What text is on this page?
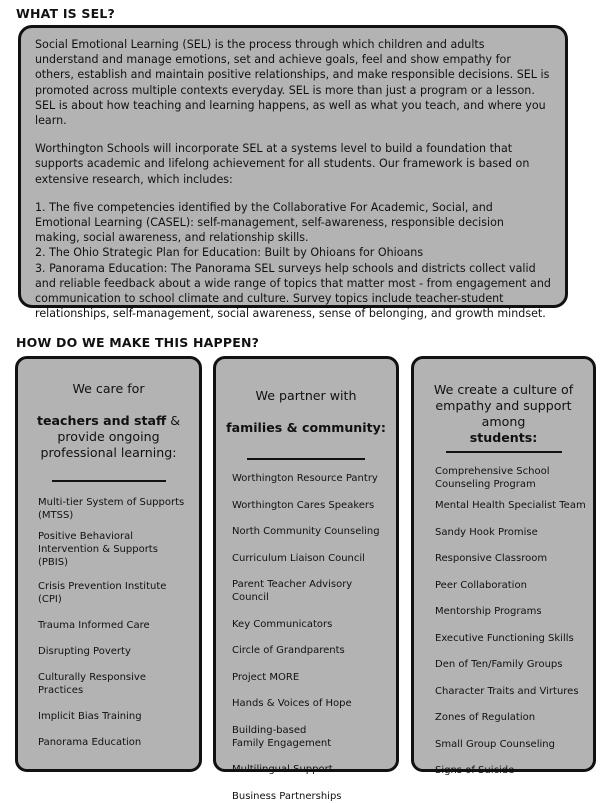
WHAT IS SEL?

Social Emotional Learning (SEL) is the process through which children and adults understand and manage emotions, set and achieve goals, feel and show empathy for others, establish and maintain positive relationships, and make responsible decisions. SEL is promoted across multiple contexts everyday. SEL is more than just a program or a lesson. SEL is about how teaching and learning happens, as well as what you teach, and where you learn.

Worthington Schools will incorporate SEL at a systems level to build a foundation that supports academic and lifelong achievement for all students. Our framework is based on extensive research, which includes:

1. The five competencies identified by the Collaborative For Academic, Social, and Emotional Learning (CASEL): self-management, self-awareness, responsible decision making, social awareness, and relationship skills.

2. The Ohio Strategic Plan for Education: Built by Ohioans for Ohioans

3. Panorama Education: The Panorama SEL surveys help schools and districts collect valid and reliable feedback about a wide range of topics that matter most - from engagement and communication to school climate and culture. Survey topics include teacher-student relationships, self-management, social awareness, sense of belonging, and growth mindset.

HOW DO WE MAKE THIS HAPPEN?

We care for

teachers and staff & provide ongoing professional learning:

Multi-tier System of Supports (MTSS)
Positive Behavioral Intervention & Supports (PBIS)
Crisis Prevention Institute (CPI)
Trauma Informed Care
Disrupting Poverty
Culturally Responsive Practices
Implicit Bias Training
Panorama Education

We partner with

families & community:

Worthington Resource Pantry
Worthington Cares Speakers
North Community Counseling
Curriculum Liaison Council
Parent Teacher Advisory Council
Key Communicators
Circle of Grandparents
Project MORE
Hands & Voices of Hope
Building-based
Family Engagement
Multilingual Support
Business Partnerships

We create a culture of empathy and support among
students:

Comprehensive School Counseling Program
Mental Health Specialist Team
Sandy Hook Promise
Responsive Classroom
Peer Collaboration
Mentorship Programs
Executive Functioning Skills
Den of Ten/Family Groups
Character Traits and Virtures
Zones of Regulation
Small Group Counseling
Signs of Suicide
